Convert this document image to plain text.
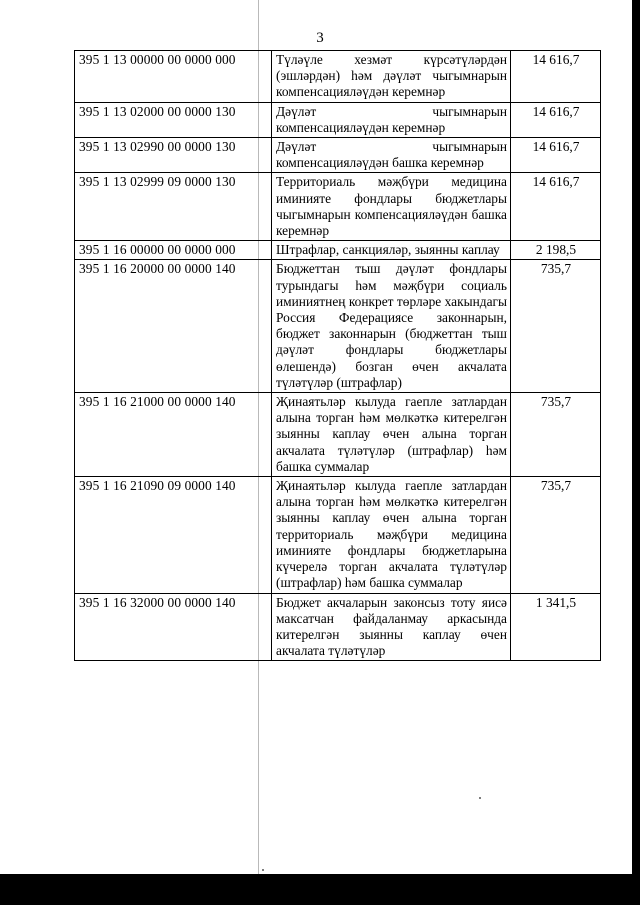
3
395 1 13 00000 00 0000 000	Түләүле хезмәт күрсәтүләрдән (эшләрдән) һәм дәүләт чыгымнарын компенсацияләүдән керемнәр	14 616,7
395 1 13 02000 00 0000 130	Дәүләт чыгымнарын компенсацияләүдән керемнәр	14 616,7
395 1 13 02990 00 0000 130	Дәүләт чыгымнарын компенсацияләүдән башка керемнәр	14 616,7
395 1 13 02999 09 0000 130	Территориаль мәҗбүри медицина иминияте фондлары бюджетлары чыгымнарын компенсацияләүдән башка керемнәр	14 616,7
395 1 16 00000 00 0000 000	Штрафлар, санкцияләр, зыянны каплау	2 198,5
395 1 16 20000 00 0000 140	Бюджеттан тыш дәүләт фондлары турындагы һәм мәҗбүри социаль иминиятнең конкрет төрләре хакындагы Россия Федерациясе законнарын, бюджет законнарын (бюджеттан тыш дәүләт фондлары бюджетлары өлешендә) бозган өчен акчалата түләтүләр (штрафлар)	735,7
395 1 16 21000 00 0000 140	Җинаятьләр кылуда гаепле затлардан алына торган һәм мөлкәткә китерелгән зыянны каплау өчен алына торган акчалата түләтүләр (штрафлар) һәм башка суммалар	735,7
395 1 16 21090 09 0000 140	Җинаятьләр кылуда гаепле затлардан алына торган һәм мөлкәткә китерелгән зыянны каплау өчен алына торган территориаль мәҗбүри медицина иминияте фондлары бюджетларына күчерелә торган акчалата түләтүләр (штрафлар) һәм башка суммалар	735,7
395 1 16 32000 00 0000 140	Бюджет акчаларын законсыз тоту яисә максатчан файдаланмау аркасында китерелгән зыянны каплау өчен акчалата түләтүләр	1 341,5
